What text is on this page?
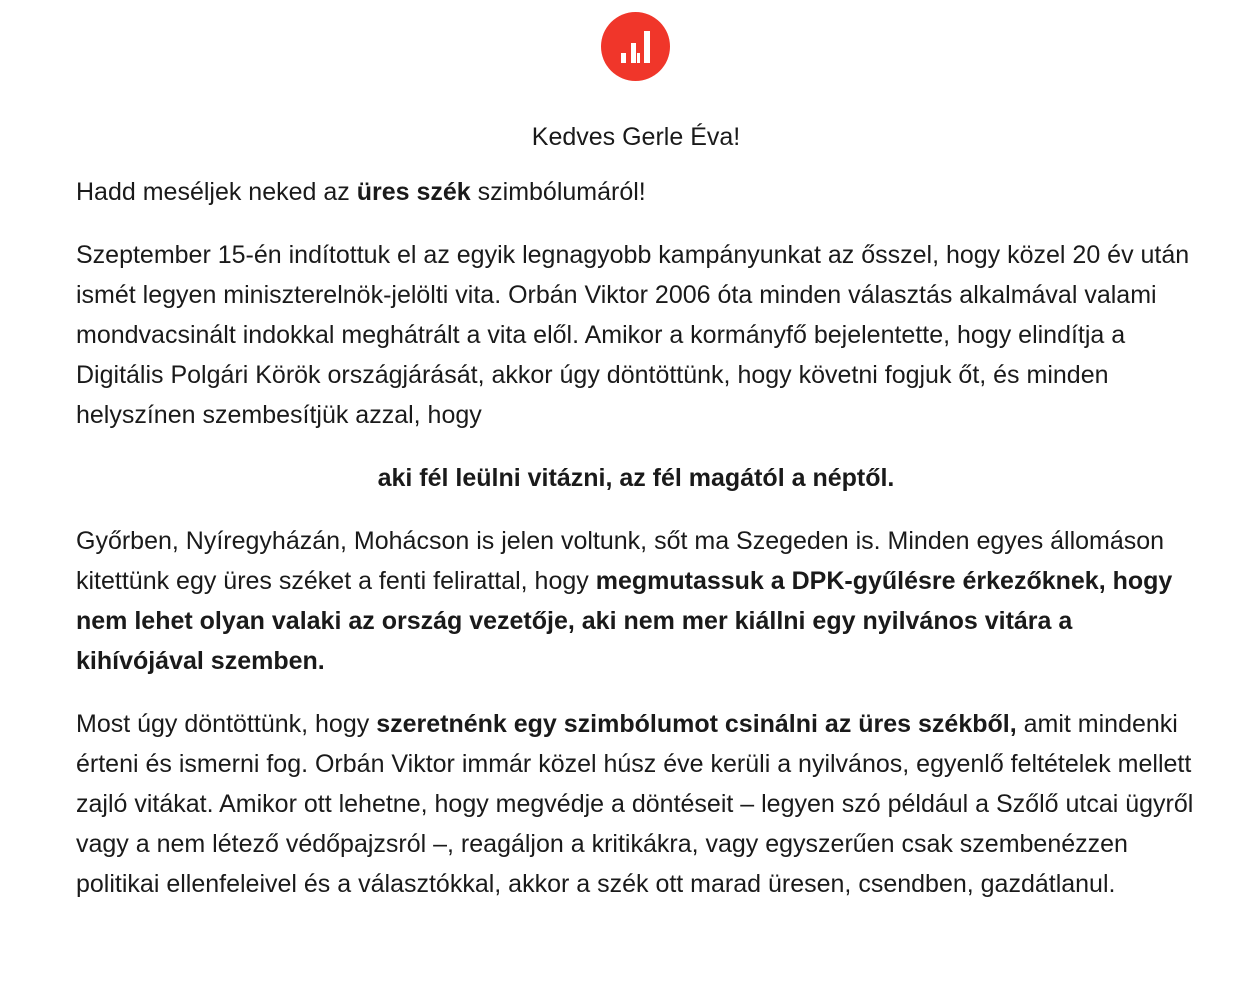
Kedves Gerle Éva!

Hadd meséljek neked az üres szék szimbólumáról!

Szeptember 15-én indítottuk el az egyik legnagyobb kampányunkat az ősszel, hogy közel 20 év után ismét legyen miniszterelnök-jelölti vita. Orbán Viktor 2006 óta minden választás alkalmával valami mondvacsinált indokkal meghátrált a vita elől. Amikor a kormányfő bejelentette, hogy elindítja a Digitális Polgári Körök országjárását, akkor úgy döntöttünk, hogy követni fogjuk őt, és minden helyszínen szembesítjük azzal, hogy

aki fél leülni vitázni, az fél magától a néptől.

Győrben, Nyíregyházán, Mohácson is jelen voltunk, sőt ma Szegeden is. Minden egyes állomáson kitettünk egy üres széket a fenti felirattal, hogy megmutassuk a DPK-gyűlésre érkezőknek, hogy nem lehet olyan valaki az ország vezetője, aki nem mer kiállni egy nyilvános vitára a kihívójával szemben.

Most úgy döntöttünk, hogy szeretnénk egy szimbólumot csinálni az üres székből, amit mindenki érteni és ismerni fog. Orbán Viktor immár közel húsz éve kerüli a nyilvános, egyenlő feltételek mellett zajló vitákat. Amikor ott lehetne, hogy megvédje a döntéseit – legyen szó például a Szőlő utcai ügyről vagy a nem létező védőpajzsról –, reagáljon a kritikákra, vagy egyszerűen csak szembenézzen politikai ellenfeleivel és a választókkal, akkor a szék ott marad üresen, csendben, gazdátlanul.
